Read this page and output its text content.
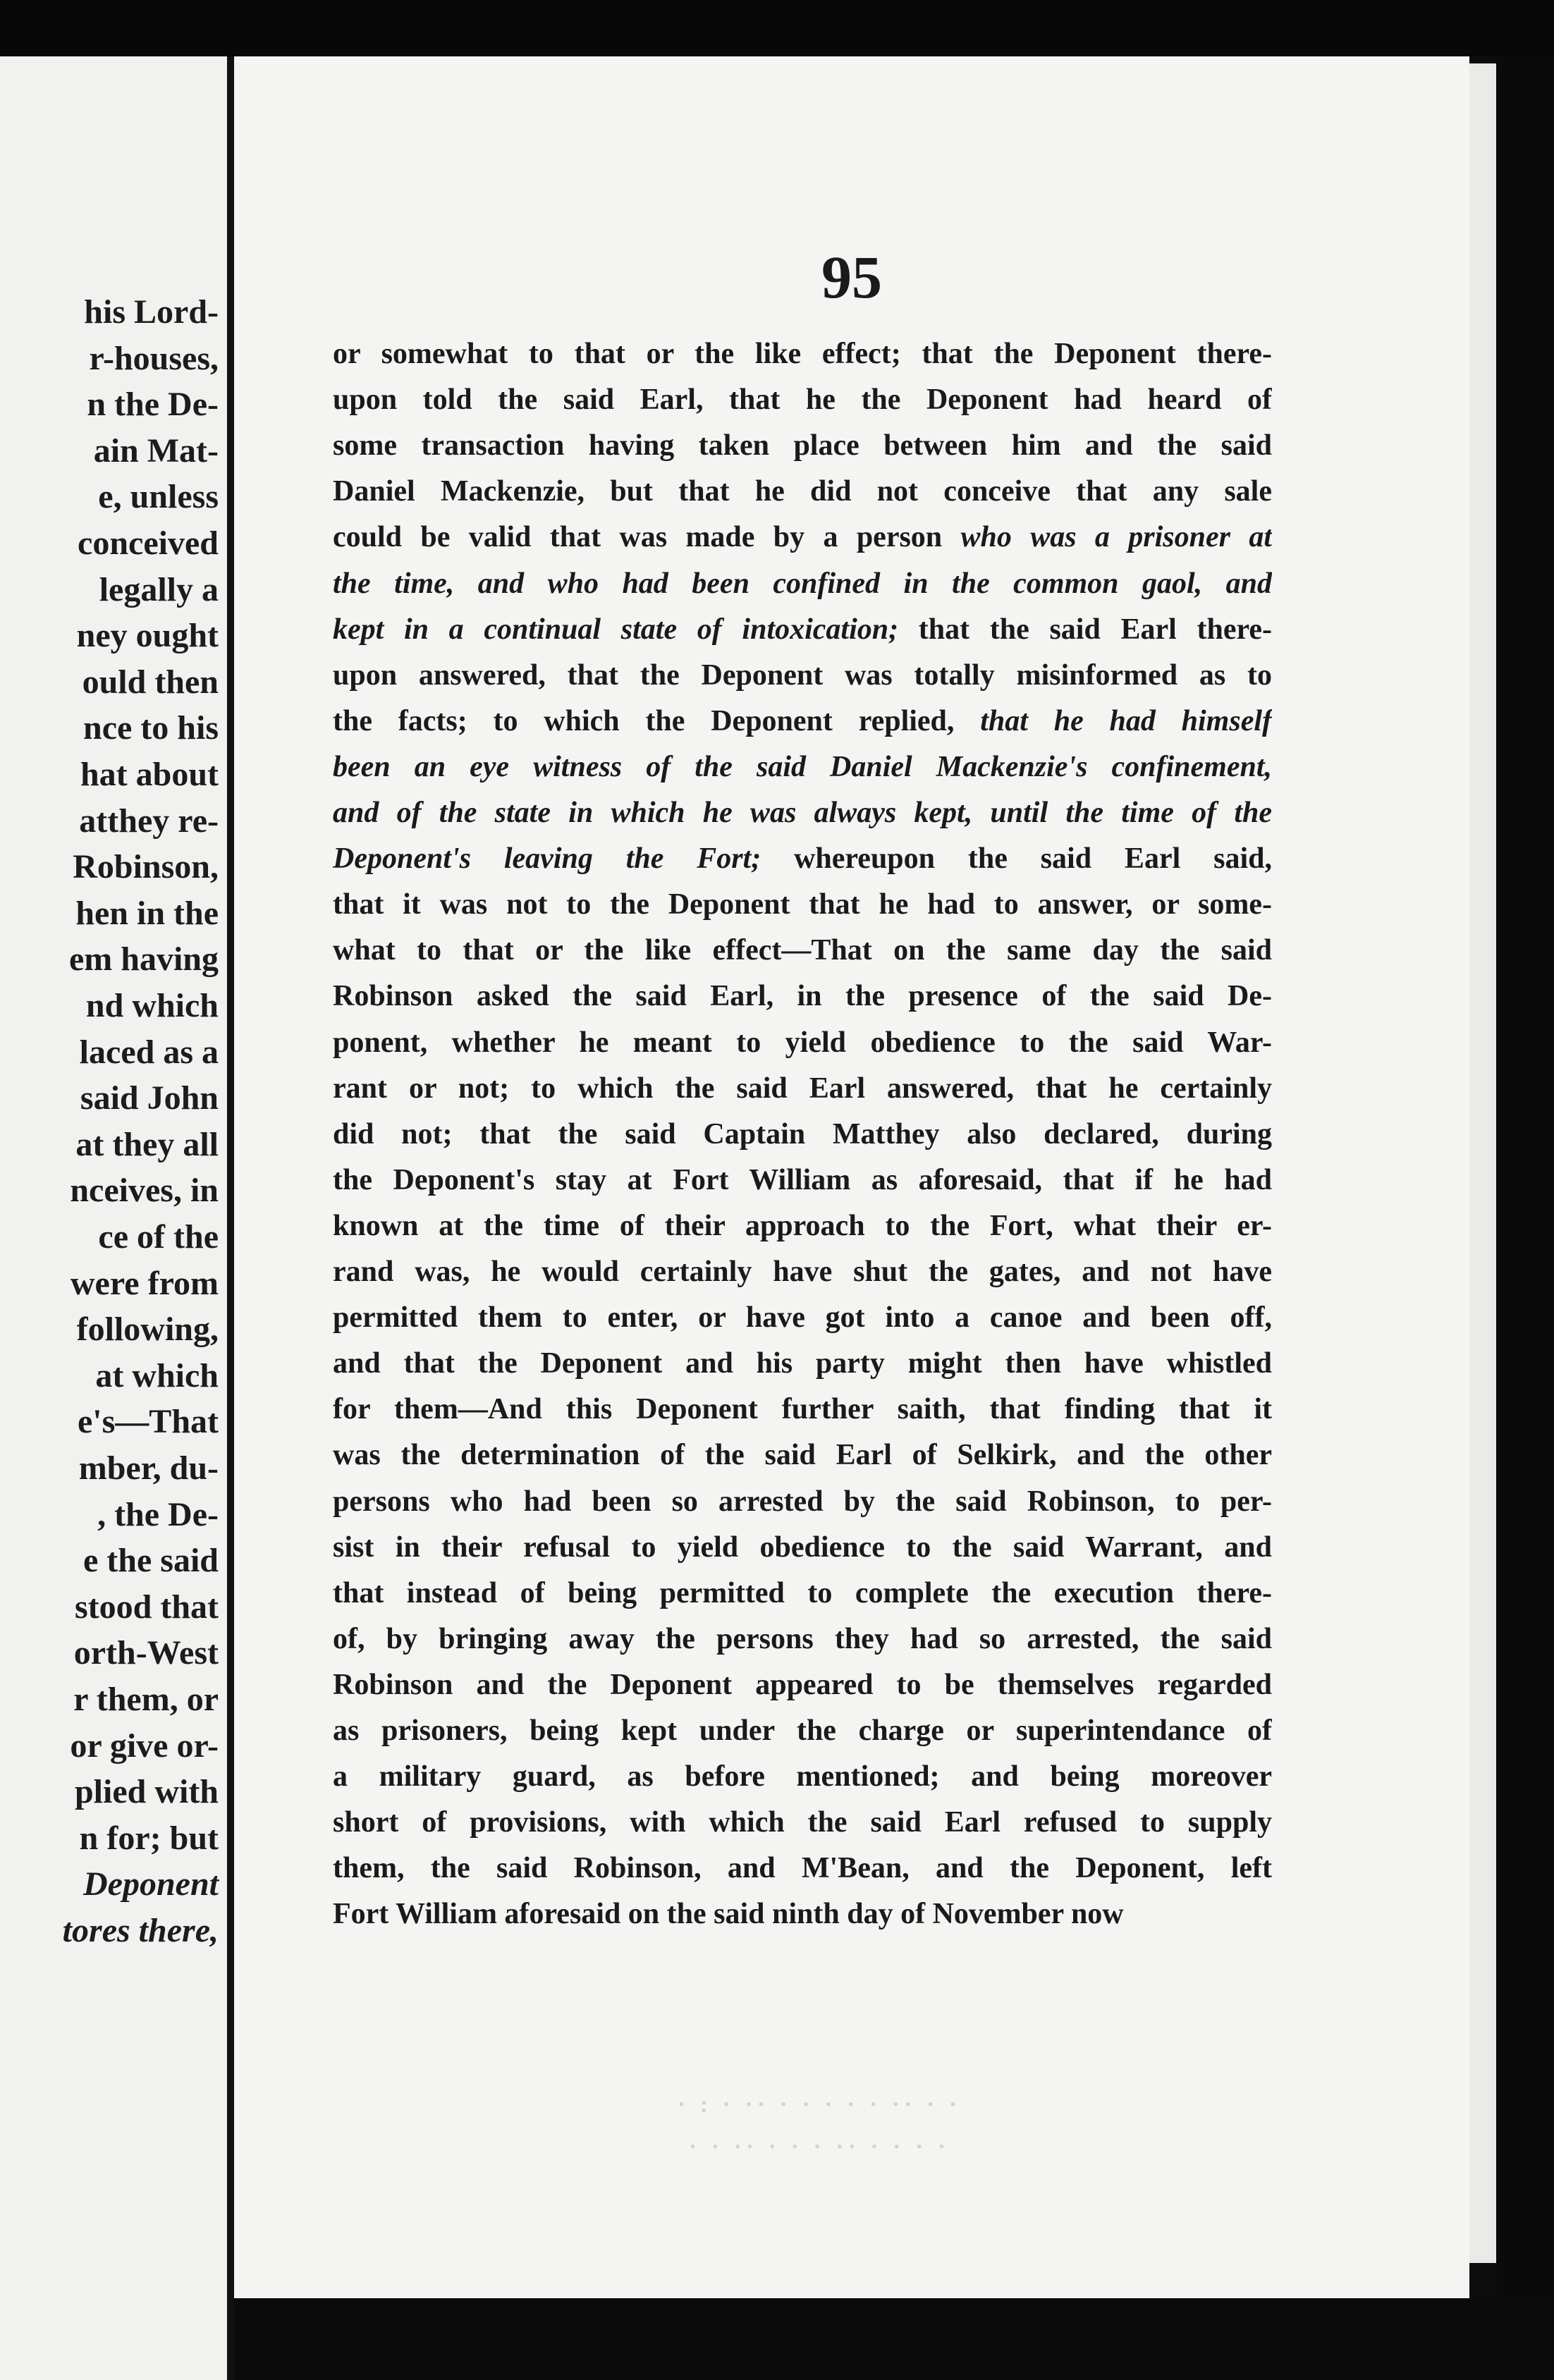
his Lord-
r-houses,
n the De-
ain Mat-
e, unless
conceived
legally a
ney ought
ould then
nce to his
hat about
atthey re-
Robinson,
hen in the
em having
nd which
laced as a
said John
at they all
nceives, in
ce of the
were from
following,
at which
e's—That
mber, du-
, the De-
e the said
stood that
orth-West
r them, or
or give or-
plied with
n for; but
Deponent
tores there,
95
· : · ·· · · · · · ·· · ·
· · ·· · · · ·· · · · ·
or somewhat to that or the like effect; that the Deponent there-
upon told the said Earl, that he the Deponent had heard of
some transaction having taken place between him and the said
Daniel Mackenzie, but that he did not conceive that any sale
could be valid that was made by a person who was a prisoner at
the time, and who had been confined in the common gaol, and
kept in a continual state of intoxication; that the said Earl there-
upon answered, that the Deponent was totally misinformed as to
the facts; to which the Deponent replied, that he had himself
been an eye witness of the said Daniel Mackenzie's confinement,
and of the state in which he was always kept, until the time of the
Deponent's leaving the Fort; whereupon the said Earl said,
that it was not to the Deponent that he had to answer, or some-
what to that or the like effect—That on the same day the said
Robinson asked the said Earl, in the presence of the said De-
ponent, whether he meant to yield obedience to the said War-
rant or not; to which the said Earl answered, that he certainly
did not; that the said Captain Matthey also declared, during
the Deponent's stay at Fort William as aforesaid, that if he had
known at the time of their approach to the Fort, what their er-
rand was, he would certainly have shut the gates, and not have
permitted them to enter, or have got into a canoe and been off,
and that the Deponent and his party might then have whistled
for them—And this Deponent further saith, that finding that it
was the determination of the said Earl of Selkirk, and the other
persons who had been so arrested by the said Robinson, to per-
sist in their refusal to yield obedience to the said Warrant, and
that instead of being permitted to complete the execution there-
of, by bringing away the persons they had so arrested, the said
Robinson and the Deponent appeared to be themselves regarded
as prisoners, being kept under the charge or superintendance of
a military guard, as before mentioned; and being moreover
short of provisions, with which the said Earl refused to supply
them, the said Robinson, and M'Bean, and the Deponent, left
Fort William aforesaid on the said ninth day of November now
